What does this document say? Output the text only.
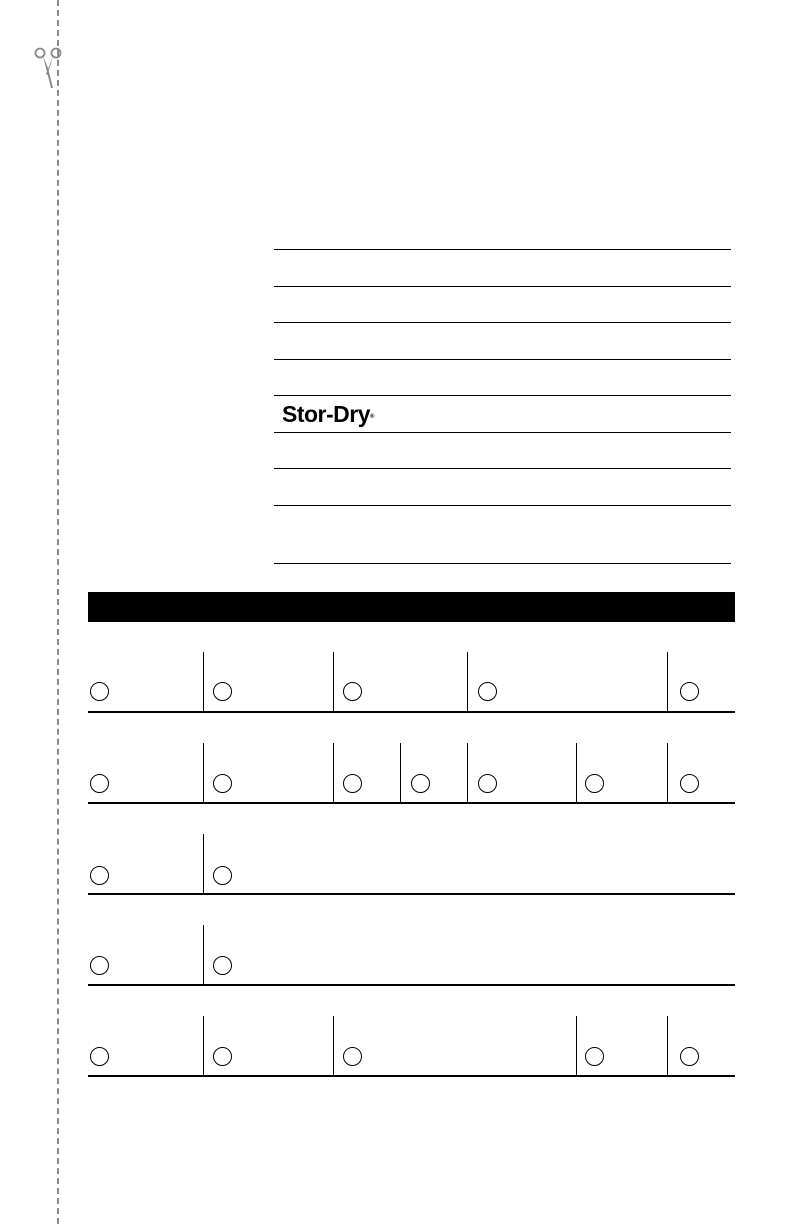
Stor-Dry®
